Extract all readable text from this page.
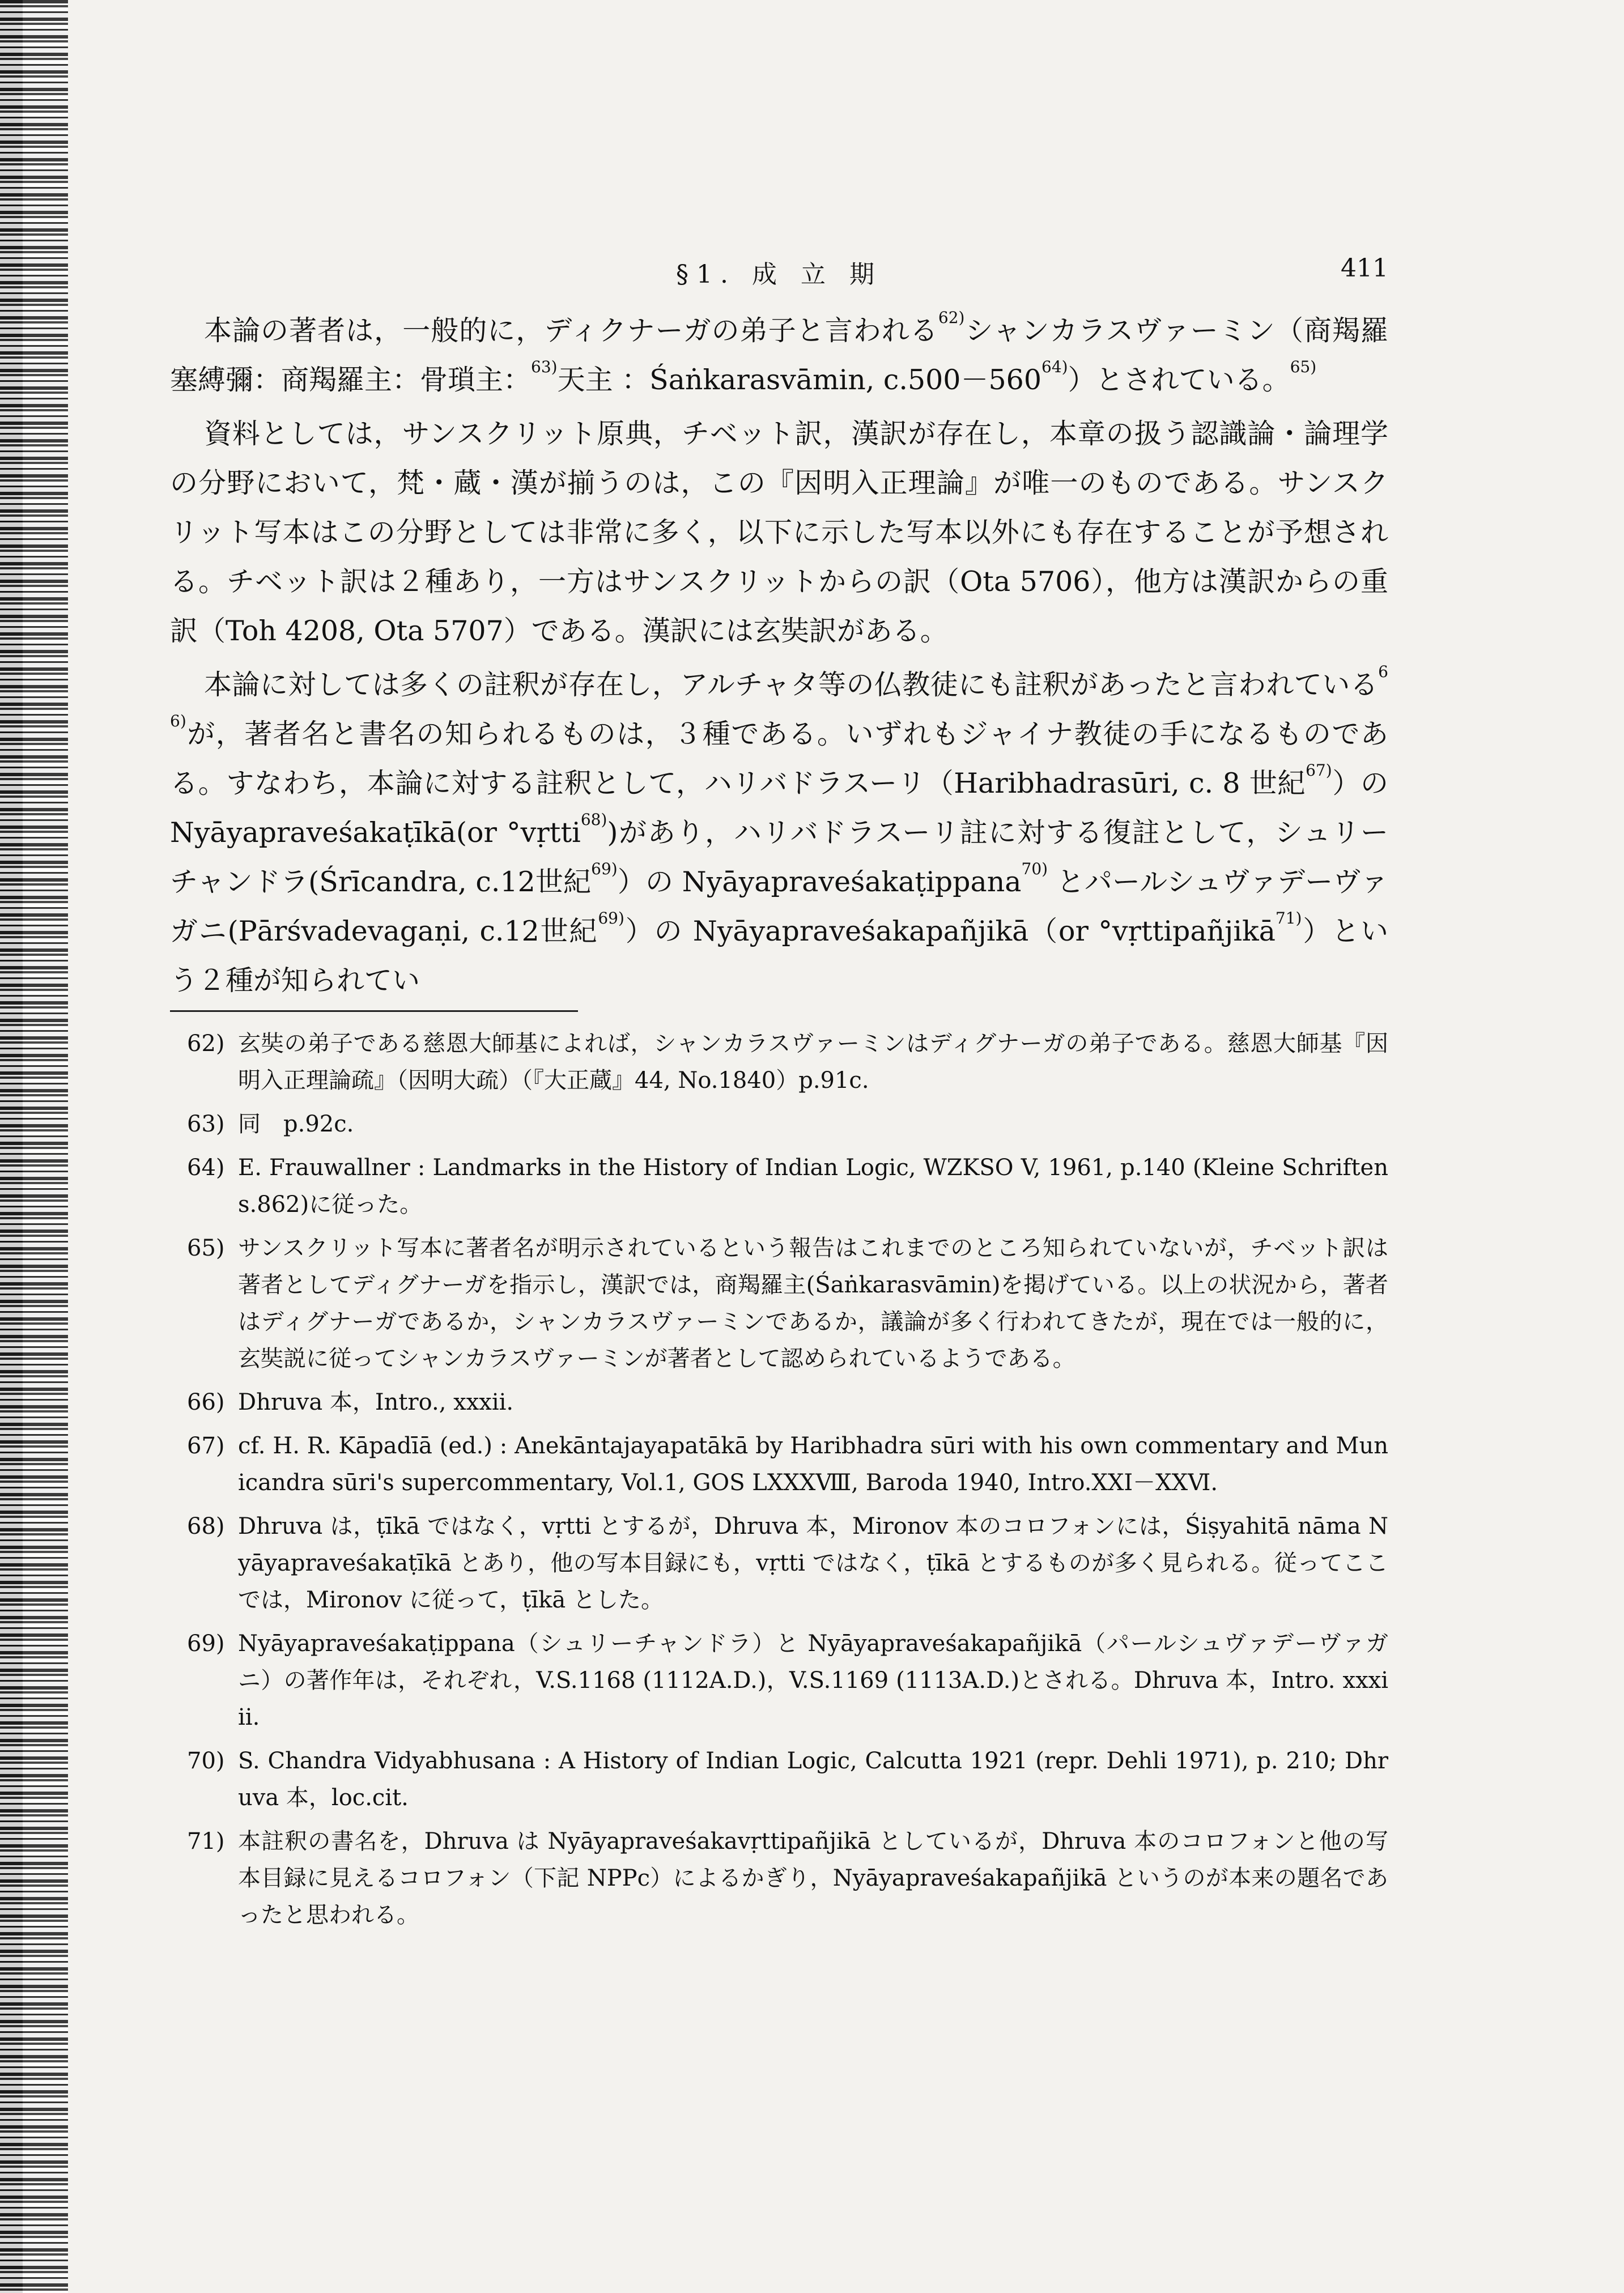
§1. 成 立 期	411

本論の著者は，一般的に，ディクナーガの弟子と言われる$^{62)}$シャンカラスヴァーミン（商羯羅塞縛彌：商羯羅主：骨瑣主：$^{63)}$天主 ：Śaṅkarasvāmin, c.500－560$^{64)}$）とされている。$^{65)}$

資料としては，サンスクリット原典，チベット訳，漢訳が存在し，本章の扱う認識論・論理学の分野において，梵・蔵・漢が揃うのは，この『因明入正理論』が唯一のものである。サンスクリット写本はこの分野としては非常に多く，以下に示した写本以外にも存在することが予想される。チベット訳は２種あり，一方はサンスクリットからの訳（Ota 5706），他方は漢訳からの重訳（Toh 4208, Ota 5707）である。漢訳には玄奘訳がある。

本論に対しては多くの註釈が存在し，アルチャタ等の仏教徒にも註釈があったと言われている$^{66)}$が，著者名と書名の知られるものは，３種である。いずれもジャイナ教徒の手になるものである。すなわち，本論に対する註釈として，ハリバドラスーリ（Haribhadrasūri, c. 8 世紀$^{67)}$）の Nyāyapraveśakaṭīkā(or °vṛtti$^{68)}$)があり，ハリバドラスーリ註に対する復註として，シュリーチャンドラ(Śrīcandra, c.12世紀$^{69)}$）の Nyāyapraveśakaṭippana$^{70)}$ とパールシュヴァデーヴァガニ(Pārśvadevagaṇi, c.12世紀$^{69)}$）の Nyāyapraveśakapañjikā（or °vṛttipañjikā$^{71)}$）という２種が知られてい

62) 玄奘の弟子である慈恩大師基によれば，シャンカラスヴァーミンはディグナーガの弟子である。慈恩大師基『因明入正理論疏』（因明大疏）（『大正蔵』44, No.1840）p.91c.
63) 同　p.92c.
64) E. Frauwallner : Landmarks in the History of Indian Logic, WZKSO V, 1961, p.140 (Kleine Schriften s.862)に従った。
65) サンスクリット写本に著者名が明示されているという報告はこれまでのところ知られていないが，チベット訳は著者としてディグナーガを指示し，漢訳では，商羯羅主(Śaṅkarasvāmin)を掲げている。以上の状況から，著者はディグナーガであるか，シャンカラスヴァーミンであるか，議論が多く行われてきたが，現在では一般的に，玄奘説に従ってシャンカラスヴァーミンが著者として認められているようである。
66) Dhruva 本，Intro., xxxii.
67) cf. H. R. Kāpadīā (ed.) : Anekāntajayapatākā by Haribhadra sūri with his own commentary and Municandra sūri's supercommentary, Vol.1, GOS LXXXⅧ, Baroda 1940, Intro.XXI－XXⅥ.
68) Dhruva は，ṭīkā ではなく，vṛtti とするが，Dhruva 本，Mironov 本のコロフォンには，Śiṣyahitā nāma Nyāyapraveśakaṭīkā とあり，他の写本目録にも，vṛtti ではなく，ṭīkā とするものが多く見られる。従ってここでは，Mironov に従って，ṭīkā とした。
69) Nyāyapraveśakaṭippana（シュリーチャンドラ）と Nyāyapraveśakapañjikā（パールシュヴァデーヴァガニ）の著作年は，それぞれ，V.S.1168 (1112A.D.)，V.S.1169 (1113A.D.)とされる。Dhruva 本，Intro. xxxiii.
70) S. Chandra Vidyabhusana : A History of Indian Logic, Calcutta 1921 (repr. Dehli 1971), p. 210; Dhruva 本，loc.cit.
71) 本註釈の書名を，Dhruva は Nyāyapraveśakavṛttipañjikā としているが，Dhruva 本のコロフォンと他の写本目録に見えるコロフォン（下記 NPPc）によるかぎり，Nyāyapraveśakapañjikā というのが本来の題名であったと思われる。
